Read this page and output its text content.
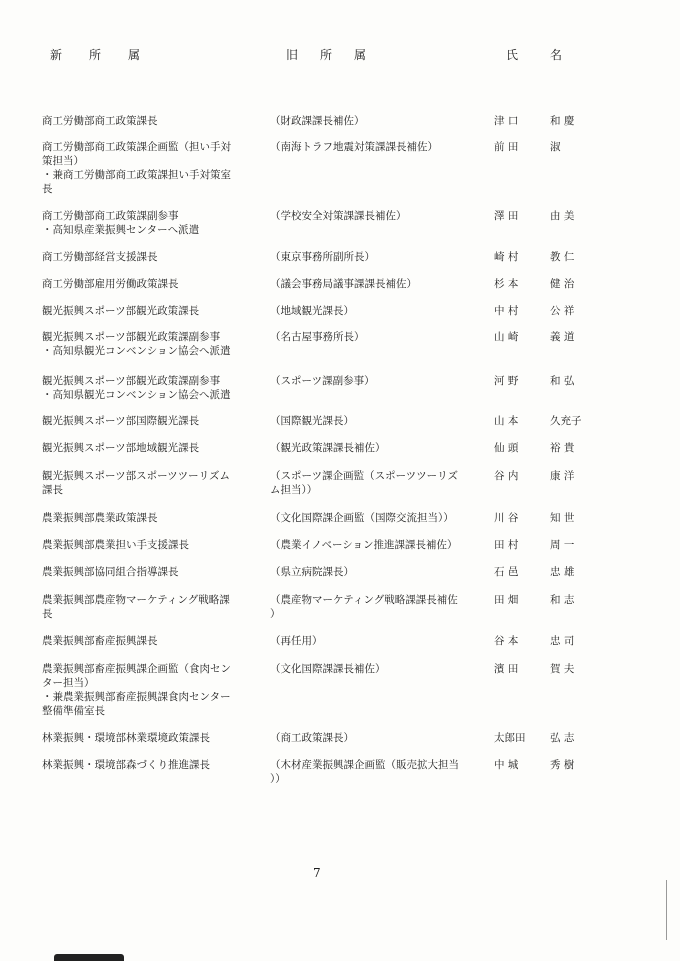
新 所 属	旧 所 属	氏	名
商工労働部商工政策課長	（財政課課長補佐）	津 口	和 慶
商工労働部商工政策課企画監（担い手対
策担当）
・兼商工労働部商工政策課担い手対策室
長
（南海トラフ地震対策課課長補佐）	前 田	淑
商工労働部商工政策課副参事
・高知県産業振興センターへ派遣
（学校安全対策課課長補佐）	澤 田	由 美
商工労働部経営支援課長	（東京事務所副所長）	崎 村	教 仁
商工労働部雇用労働政策課長	（議会事務局議事課課長補佐）	杉 本	健 治
観光振興スポーツ部観光政策課長	（地域観光課長）	中 村	公 祥
観光振興スポーツ部観光政策課副参事
・高知県観光コンベンション協会へ派遣
（名古屋事務所長）	山 崎	義 道
観光振興スポーツ部観光政策課副参事
・高知県観光コンベンション協会へ派遣
（スポーツ課副参事）	河 野	和 弘
観光振興スポーツ部国際観光課長	（国際観光課長）	山 本	久充子
観光振興スポーツ部地域観光課長	（観光政策課課長補佐）	仙 頭	裕 貴
観光振興スポーツ部スポーツツーリズム
課長
（スポーツ課企画監（スポーツツーリズ
ム担当））
谷 内	康 洋
農業振興部農業政策課長	（文化国際課企画監（国際交流担当））	川 谷	知 世
農業振興部農業担い手支援課長	（農業イノベーション推進課課長補佐）	田 村	周 一
農業振興部協同組合指導課長	（県立病院課長）	石 邑	忠 雄
農業振興部農産物マーケティング戦略課
長
（農産物マーケティング戦略課課長補佐
）
田 畑	和 志
農業振興部畜産振興課長	（再任用）	谷 本	忠 司
農業振興部畜産振興課企画監（食肉セン
ター担当）
・兼農業振興部畜産振興課食肉センター
整備準備室長
（文化国際課課長補佐）	濱 田	賀 夫
林業振興・環境部林業環境政策課長	（商工政策課長）	太郎田	弘 志
林業振興・環境部森づくり推進課長	（木材産業振興課企画監（販売拡大担当
））
中 城	秀 樹
7
